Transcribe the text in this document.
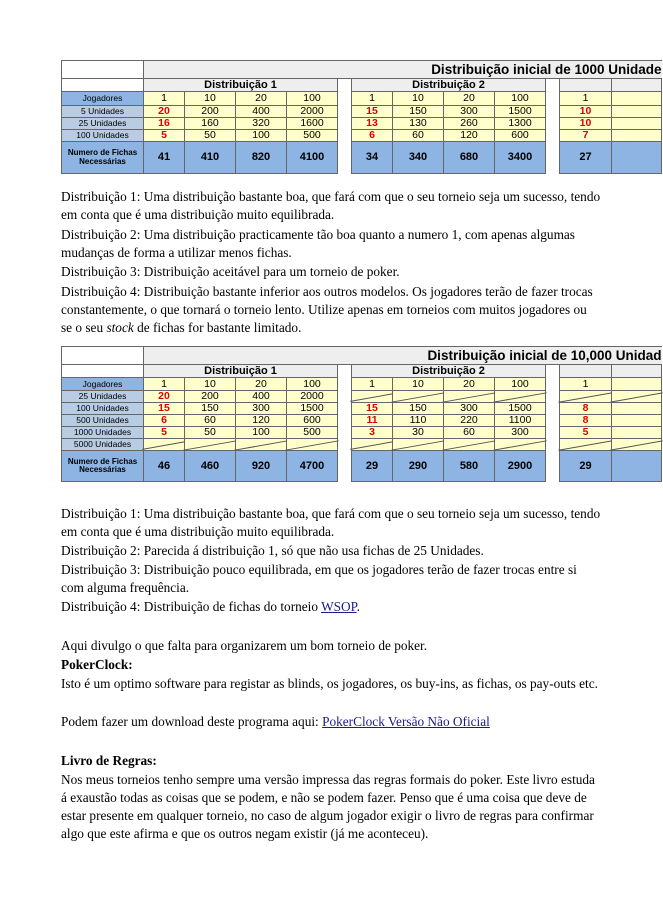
	Distribuição inicial de 1000 Unidade											
	Distribuição 1					Distribuição 2						
Jogadores	1	10	20	100		1	10	20	100		1	
5 Unidades	20	200	400	2000		15	150	300	1500		10	
25 Unidades	16	160	320	1600		13	130	260	1300		10	
100 Unidades	5	50	100	500		6	60	120	600		7	
Numero de Fichas Necessárias	41	410	820	4100		34	340	680	3400		27	

Distribuição 1: Uma distribuição bastante boa, que fará com que o seu torneio seja um sucesso, tendo em conta que é uma distribuição muito equilibrada.

Distribuição 2: Uma distribuição practicamente tão boa quanto a numero 1, com apenas algumas mudanças de forma a utilizar menos fichas.

Distribuição 3: Distribuição aceitável para um torneio de poker.

Distribuição 4: Distribuição bastante inferior aos outros modelos. Os jogadores terão de fazer trocas constantemente, o que tornará o torneio lento. Utilize apenas em torneios com muitos jogadores ou se o seu stock de fichas for bastante limitado.

	Distribuição inicial de 10,000 Unidad											
	Distribuição 1					Distribuição 2						
Jogadores	1	10	20	100		1	10	20	100		1	
25 Unidades	20	200	400	2000								
100 Unidades	15	150	300	1500		15	150	300	1500		8	
500 Unidades	6	60	120	600		11	110	220	1100		8	
1000 Unidades	5	50	100	500		3	30	60	300		5	
5000 Unidades												
Numero de Fichas Necessárias	46	460	920	4700		29	290	580	2900		29	

Distribuição 1: Uma distribuição bastante boa, que fará com que o seu torneio seja um sucesso, tendo em conta que é uma distribuição muito equilibrada.

Distribuição 2: Parecida á distribuição 1, só que não usa fichas de 25 Unidades.

Distribuição 3: Distribuição pouco equilibrada, em que os jogadores terão de fazer trocas entre si com alguma frequência.

Distribuição 4: Distribuição de fichas do torneio WSOP.

Aqui divulgo o que falta para organizarem um bom torneio de poker.

PokerClock:

Isto é um optimo software para registar as blinds, os jogadores, os buy-ins, as fichas, os pay-outs etc.

Podem fazer um download deste programa aqui: PokerClock Versão Não Oficial

Livro de Regras:

Nos meus torneios tenho sempre uma versão impressa das regras formais do poker. Este livro estuda á exaustão todas as coisas que se podem, e não se podem fazer. Penso que é uma coisa que deve de estar presente em qualquer torneio, no caso de algum jogador exigir o livro de regras para confirmar algo que este afirma e que os outros negam existir (já me aconteceu).
